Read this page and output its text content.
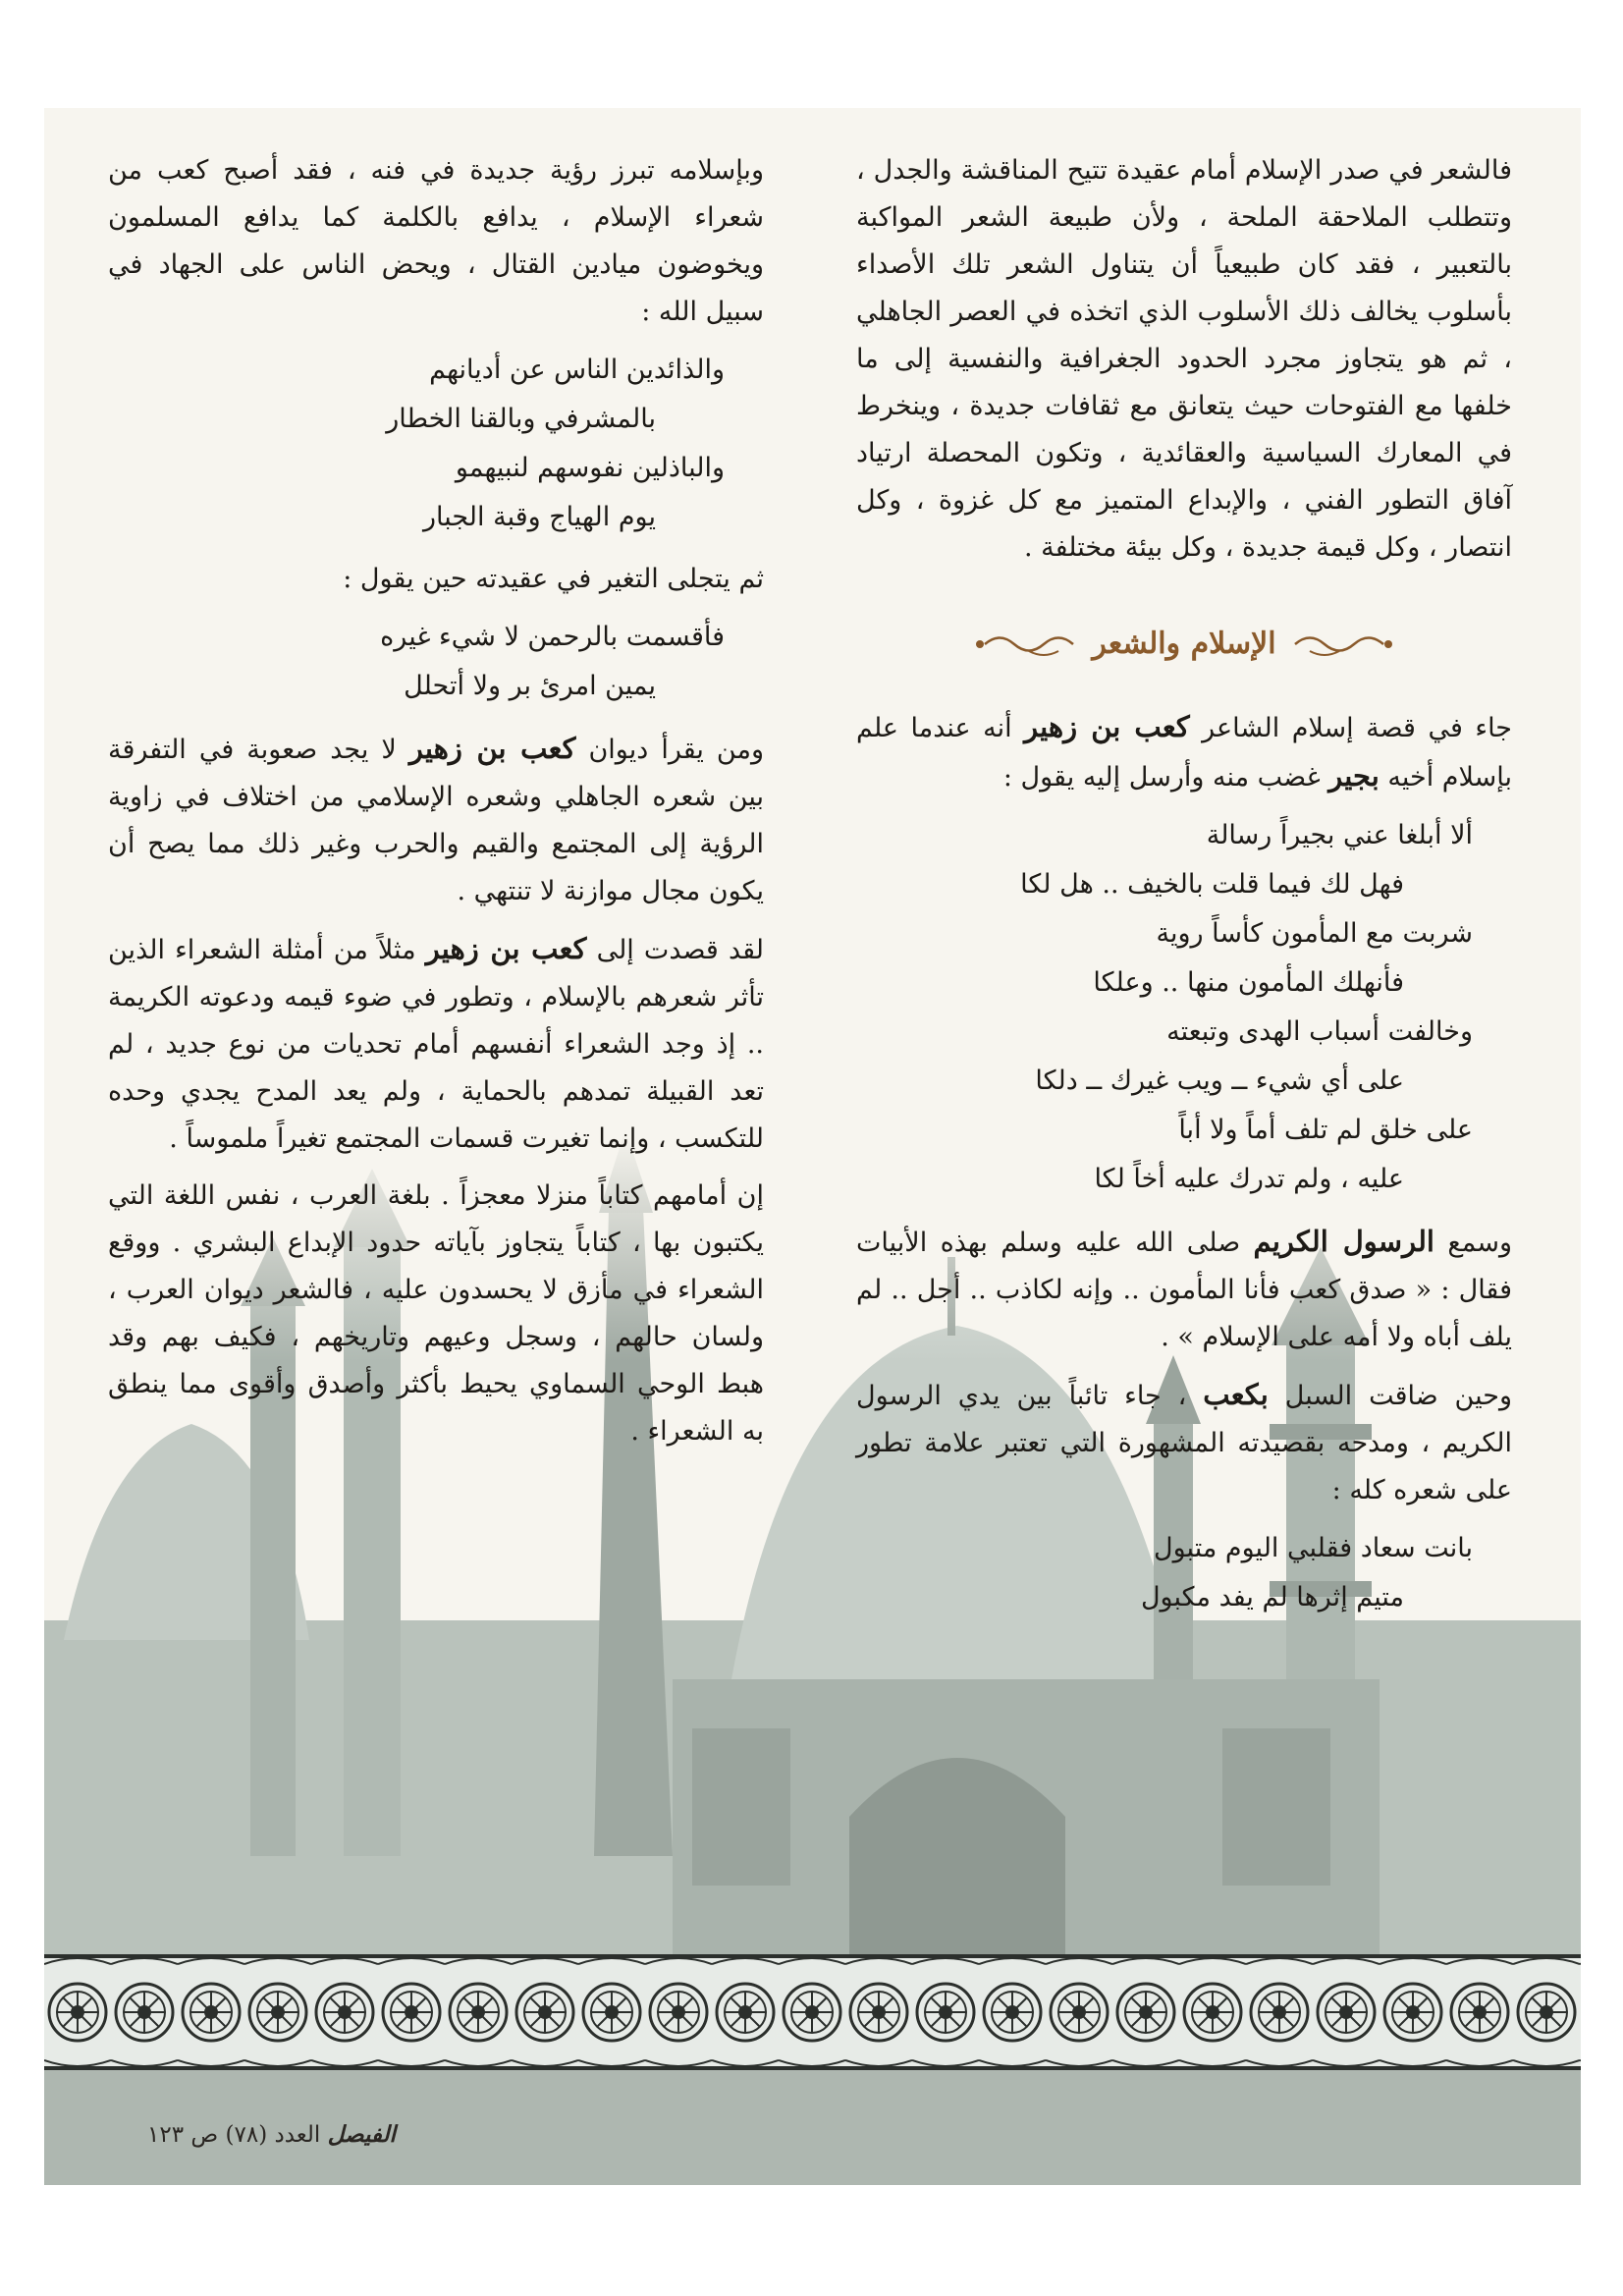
فالشعر في صدر الإسلام أمام عقيدة تتيح المناقشة والجدل ، وتتطلب الملاحقة الملحة ، ولأن طبيعة الشعر المواكبة بالتعبير ، فقد كان طبيعياً أن يتناول الشعر تلك الأصداء بأسلوب يخالف ذلك الأسلوب الذي اتخذه في العصر الجاهلي ، ثم هو يتجاوز مجرد الحدود الجغرافية والنفسية إلى ما خلفها مع الفتوحات حيث يتعانق مع ثقافات جديدة ، وينخرط في المعارك السياسية والعقائدية ، وتكون المحصلة ارتياد آفاق التطور الفني ، والإبداع المتميز مع كل غزوة ، وكل انتصار ، وكل قيمة جديدة ، وكل بيئة مختلفة .

الإسلام والشعر

جاء في قصة إسلام الشاعر كعب بن زهير أنه عندما علم بإسلام أخيه بجير غضب منه وأرسل إليه يقول :

ألا أبلغا عني بجيراً رسالة
فهل لك فيما قلت بالخيف .. هل لكا
شربت مع المأمون كأساً روية
فأنهلك المأمون منها .. وعلكا
وخالفت أسباب الهدى وتبعته
على أي شيء ــ ويب غيرك ــ دلكا
على خلق لم تلف أماً ولا أباً
عليه ، ولم تدرك عليه أخاً لكا

وسمع الرسول الكريم صلى الله عليه وسلم بهذه الأبيات فقال : « صدق كعب فأنا المأمون .. وإنه لكاذب .. أجل .. لم يلف أباه ولا أمه على الإسلام » .

وحين ضاقت السبل بكعب ، جاء تائباً بين يدي الرسول الكريم ، ومدحه بقصيدته المشهورة التي تعتبر علامة تطور على شعره كله :

بانت سعاد فقلبي اليوم متبول
متيم إثرها لم يفد مكبول

وبإسلامه تبرز رؤية جديدة في فنه ، فقد أصبح كعب من شعراء الإسلام ، يدافع بالكلمة كما يدافع المسلمون ويخوضون ميادين القتال ، ويحض الناس على الجهاد في سبيل الله :

والذائدين الناس عن أديانهم
بالمشرفي وبالقنا الخطار
والباذلين نفوسهم لنبيهمو
يوم الهياج وقبة الجبار

ثم يتجلى التغير في عقيدته حين يقول :

فأقسمت بالرحمن لا شيء غيره
يمين امرئ بر ولا أتحلل

ومن يقرأ ديوان كعب بن زهير لا يجد صعوبة في التفرقة بين شعره الجاهلي وشعره الإسلامي من اختلاف في زاوية الرؤية إلى المجتمع والقيم والحرب وغير ذلك مما يصح أن يكون مجال موازنة لا تنتهي .

لقد قصدت إلى كعب بن زهير مثلاً من أمثلة الشعراء الذين تأثر شعرهم بالإسلام ، وتطور في ضوء قيمه ودعوته الكريمة .. إذ وجد الشعراء أنفسهم أمام تحديات من نوع جديد ، لم تعد القبيلة تمدهم بالحماية ، ولم يعد المدح يجدي وحده للتكسب ، وإنما تغيرت قسمات المجتمع تغيراً ملموساً .

إن أمامهم كتاباً منزلا معجزاً . بلغة العرب ، نفس اللغة التي يكتبون بها ، كتاباً يتجاوز بآياته حدود الإبداع البشري . ووقع الشعراء في مأزق لا يحسدون عليه ، فالشعر ديوان العرب ، ولسان حالهم ، وسجل وعيهم وتاريخهم ، فكيف بهم وقد هبط الوحي السماوي يحيط بأكثر وأصدق وأقوى مما ينطق به الشعراء .

الفيصل العدد (٧٨) ص ١٢٣
